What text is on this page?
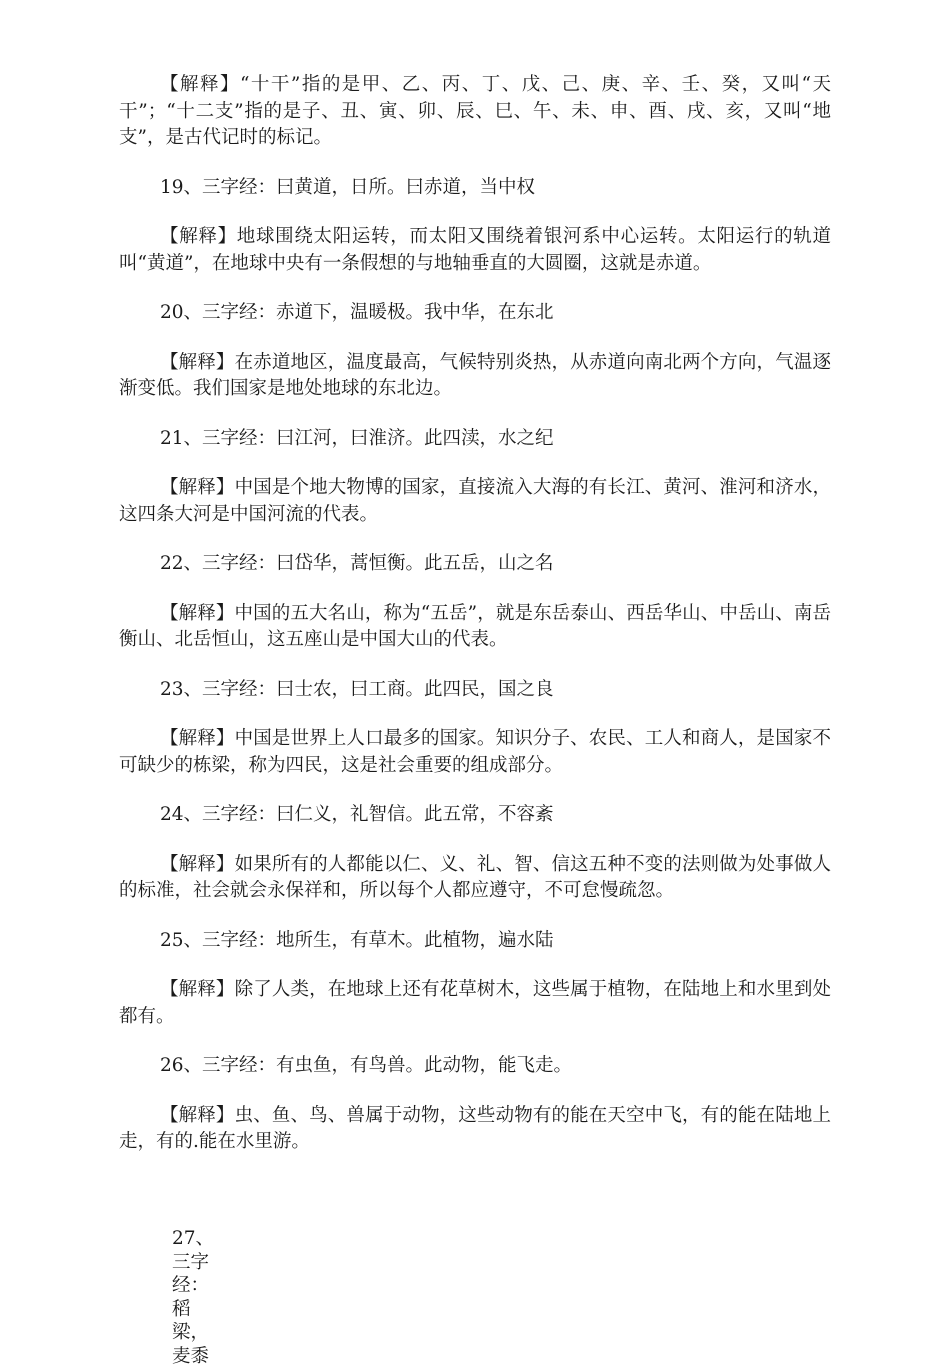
【解释】“十干”指的是甲、乙、丙、丁、戊、己、庚、辛、壬、癸，又叫“天干”；“十二支”指的是子、丑、寅、卯、辰、巳、午、未、申、酉、戌、亥，又叫“地支”，是古代记时的标记。

19、三字经：曰黄道，日所。曰赤道，当中权

【解释】地球围绕太阳运转，而太阳又围绕着银河系中心运转。太阳运行的轨道叫“黄道”，在地球中央有一条假想的与地轴垂直的大圆圈，这就是赤道。

20、三字经：赤道下，温暖极。我中华，在东北

【解释】在赤道地区，温度最高，气候特别炎热，从赤道向南北两个方向，气温逐渐变低。我们国家是地处地球的东北边。

21、三字经：曰江河，曰淮济。此四渎，水之纪

【解释】中国是个地大物博的国家，直接流入大海的有长江、黄河、淮河和济水，这四条大河是中国河流的代表。

22、三字经：曰岱华，蒿恒衡。此五岳，山之名

【解释】中国的五大名山，称为“五岳”，就是东岳泰山、西岳华山、中岳山、南岳衡山、北岳恒山，这五座山是中国大山的代表。

23、三字经：曰士农，曰工商。此四民，国之良

【解释】中国是世界上人口最多的国家。知识分子、农民、工人和商人，是国家不可缺少的栋梁，称为四民，这是社会重要的组成部分。

24、三字经：曰仁义，礼智信。此五常，不容紊

【解释】如果所有的人都能以仁、义、礼、智、信这五种不变的法则做为处事做人的标准，社会就会永保祥和，所以每个人都应遵守，不可怠慢疏忽。

25、三字经：地所生，有草木。此植物，遍水陆

【解释】除了人类，在地球上还有花草树木，这些属于植物，在陆地上和水里到处都有。

26、三字经：有虫鱼，有鸟兽。此动物，能飞走。

【解释】虫、鱼、鸟、兽属于动物，这些动物有的能在天空中飞，有的能在陆地上走，有的.能在水里游。

27、
三字
经：
稻梁，
麦黍
